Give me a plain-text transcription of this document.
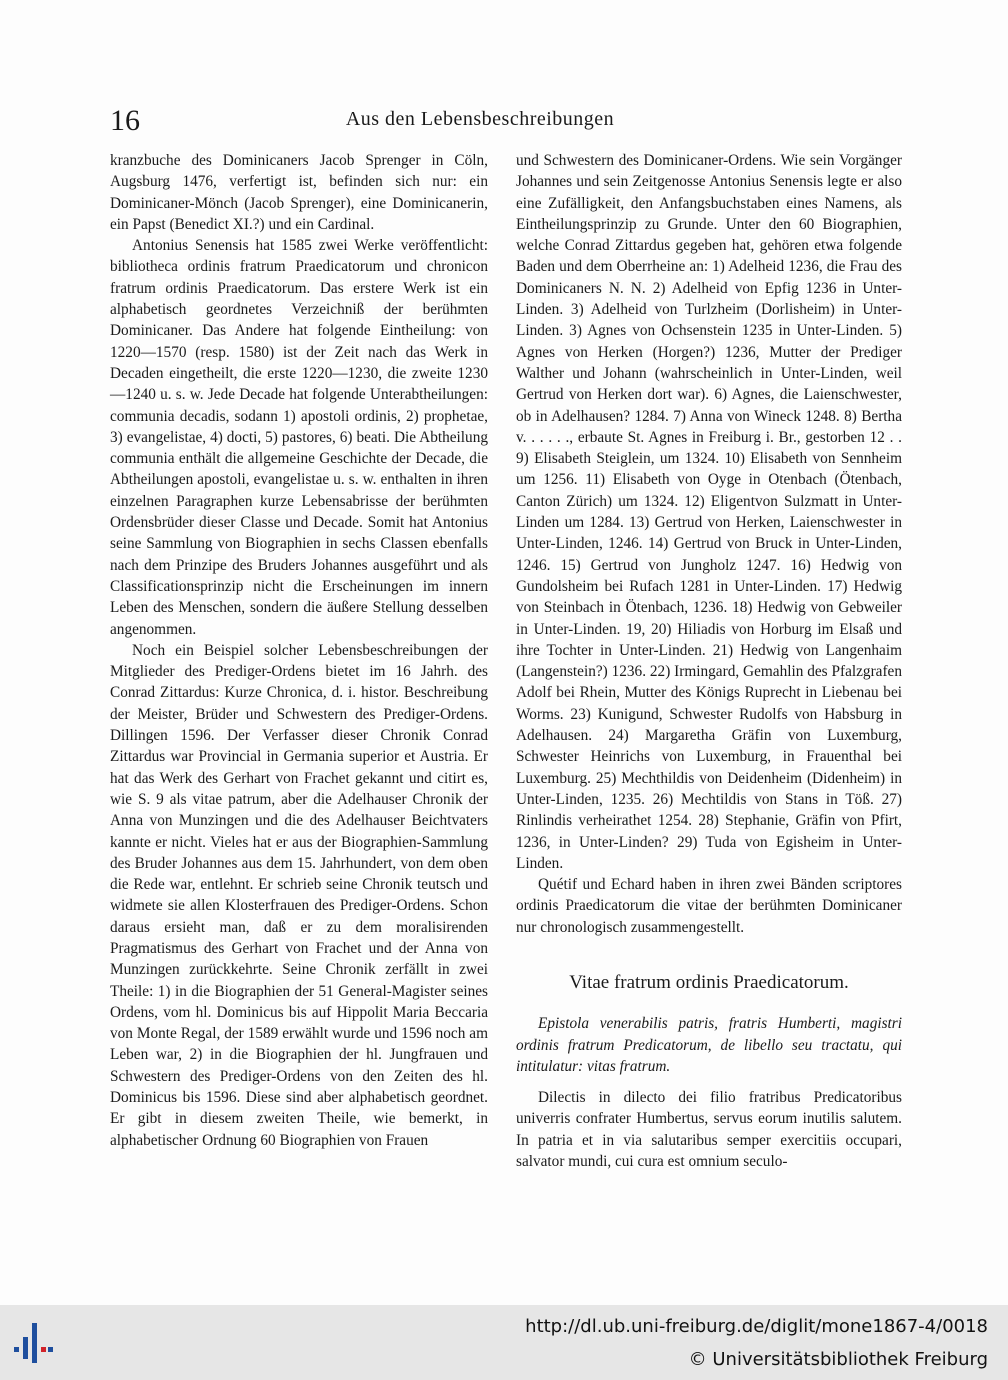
16	Aus den Lebensbeschreibungen

kranzbuche des Dominicaners Jacob Sprenger in Cöln, Augsburg 1476, verfertigt ist, befinden sich nur: ein Dominicaner-Mönch (Jacob Sprenger), eine Dominicanerin, ein Papst (Benedict XI.?) und ein Cardinal.

Antonius Senensis hat 1585 zwei Werke veröffentlicht: bibliotheca ordinis fratrum Praedicatorum und chronicon fratrum ordinis Praedicatorum. Das erstere Werk ist ein alphabetisch geordnetes Verzeichniß der berühmten Dominicaner. Das Andere hat folgende Eintheilung: von 1220—1570 (resp. 1580) ist der Zeit nach das Werk in Decaden eingetheilt, die erste 1220—1230, die zweite 1230—1240 u. s. w. Jede Decade hat folgende Unterabtheilungen: communia decadis, sodann 1) apostoli ordinis, 2) prophetae, 3) evangelistae, 4) docti, 5) pastores, 6) beati. Die Abtheilung communia enthält die allgemeine Geschichte der Decade, die Abtheilungen apostoli, evangelistae u. s. w. enthalten in ihren einzelnen Paragraphen kurze Lebensabrisse der berühmten Ordensbrüder dieser Classe und Decade. Somit hat Antonius seine Sammlung von Biographien in sechs Classen ebenfalls nach dem Prinzipe des Bruders Johannes ausgeführt und als Classificationsprinzip nicht die Erscheinungen im innern Leben des Menschen, sondern die äußere Stellung desselben angenommen.

Noch ein Beispiel solcher Lebensbeschreibungen der Mitglieder des Prediger-Ordens bietet im 16 Jahrh. des Conrad Zittardus: Kurze Chronica, d. i. histor. Beschreibung der Meister, Brüder und Schwestern des Prediger-Ordens. Dillingen 1596. Der Verfasser dieser Chronik Conrad Zittardus war Provincial in Germania superior et Austria. Er hat das Werk des Gerhart von Frachet gekannt und citirt es, wie S. 9 als vitae patrum, aber die Adelhauser Chronik der Anna von Munzingen und die des Adelhauser Beichtvaters kannte er nicht. Vieles hat er aus der Biographien-Sammlung des Bruder Johannes aus dem 15. Jahrhundert, von dem oben die Rede war, entlehnt. Er schrieb seine Chronik teutsch und widmete sie allen Klosterfrauen des Prediger-Ordens. Schon daraus ersieht man, daß er zu dem moralisirenden Pragmatismus des Gerhart von Frachet und der Anna von Munzingen zurückkehrte. Seine Chronik zerfällt in zwei Theile: 1) in die Biographien der 51 General-Magister seines Ordens, vom hl. Dominicus bis auf Hippolit Maria Beccaria von Monte Regal, der 1589 erwählt wurde und 1596 noch am Leben war, 2) in die Biographien der hl. Jungfrauen und Schwestern des Prediger-Ordens von den Zeiten des hl. Dominicus bis 1596. Diese sind aber alphabetisch geordnet. Er gibt in diesem zweiten Theile, wie bemerkt, in alphabetischer Ordnung 60 Biographien von Frauen

und Schwestern des Dominicaner-Ordens. Wie sein Vorgänger Johannes und sein Zeitgenosse Antonius Senensis legte er also eine Zufälligkeit, den Anfangsbuchstaben eines Namens, als Eintheilungsprinzip zu Grunde. Unter den 60 Biographien, welche Conrad Zittardus gegeben hat, gehören etwa folgende Baden und dem Oberrheine an: 1) Adelheid 1236, die Frau des Dominicaners N. N. 2) Adelheid von Epfig 1236 in Unter-Linden. 3) Adelheid von Turlzheim (Dorlisheim) in Unter-Linden. 3) Agnes von Ochsenstein 1235 in Unter-Linden. 5) Agnes von Herken (Horgen?) 1236, Mutter der Prediger Walther und Johann (wahrscheinlich in Unter-Linden, weil Gertrud von Herken dort war). 6) Agnes, die Laienschwester, ob in Adelhausen? 1284. 7) Anna von Wineck 1248. 8) Bertha v. . . . . ., erbaute St. Agnes in Freiburg i. Br., gestorben 12 . . 9) Elisabeth Steiglein, um 1324. 10) Elisabeth von Sennheim um 1256. 11) Elisabeth von Oyge in Otenbach (Ötenbach, Canton Zürich) um 1324. 12) Eligentvon Sulzmatt in Unter-Linden um 1284. 13) Gertrud von Herken, Laienschwester in Unter-Linden, 1246. 14) Gertrud von Bruck in Unter-Linden, 1246. 15) Gertrud von Jungholz 1247. 16) Hedwig von Gundolsheim bei Rufach 1281 in Unter-Linden. 17) Hedwig von Steinbach in Ötenbach, 1236. 18) Hedwig von Gebweiler in Unter-Linden. 19, 20) Hiliadis von Horburg im Elsaß und ihre Tochter in Unter-Linden. 21) Hedwig von Langenhaim (Langenstein?) 1236. 22) Irmingard, Gemahlin des Pfalzgrafen Adolf bei Rhein, Mutter des Königs Ruprecht in Liebenau bei Worms. 23) Kunigund, Schwester Rudolfs von Habsburg in Adelhausen. 24) Margaretha Gräfin von Luxemburg, Schwester Heinrichs von Luxemburg, in Frauenthal bei Luxemburg. 25) Mechthildis von Deidenheim (Didenheim) in Unter-Linden, 1235. 26) Mechtildis von Stans in Töß. 27) Rinlindis verheirathet 1254. 28) Stephanie, Gräfin von Pfirt, 1236, in Unter-Linden? 29) Tuda von Egisheim in Unter-Linden.

Quétif und Echard haben in ihren zwei Bänden scriptores ordinis Praedicatorum die vitae der berühmten Dominicaner nur chronologisch zusammengestellt.

Vitae fratrum ordinis Praedicatorum.

Epistola venerabilis patris, fratris Humberti, magistri ordinis fratrum Predicatorum, de libello seu tractatu, qui intitulatur: vitas fratrum.

Dilectis in dilecto dei filio fratribus Predicatoribus univerris confrater Humbertus, servus eorum inutilis salutem. In patria et in via salutaribus semper exercitiis occupari, salvator mundi, cui cura est omnium seculo-

http://dl.ub.uni-freiburg.de/diglit/mone1867-4/0018
© Universitätsbibliothek Freiburg
